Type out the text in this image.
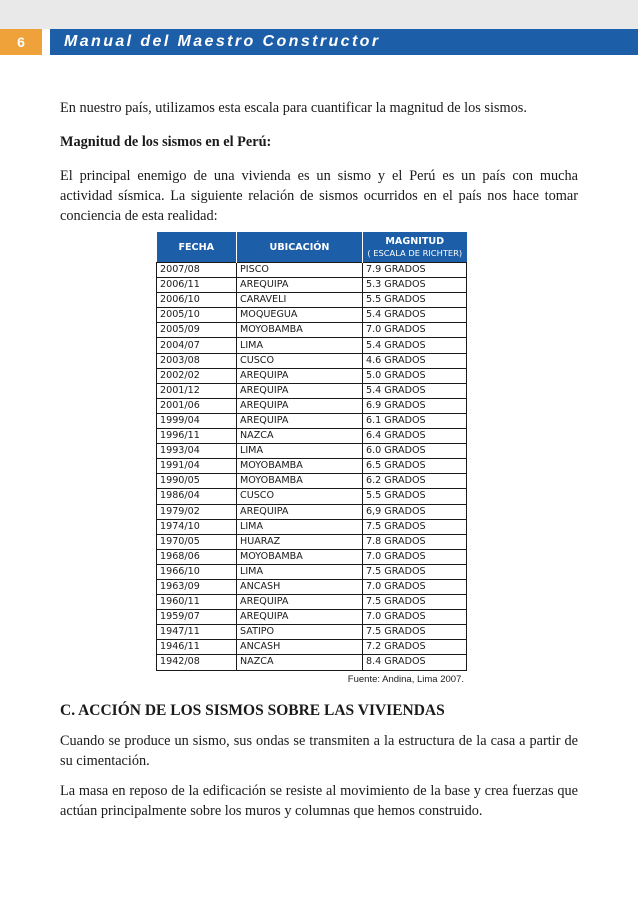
6	Manual del Maestro Constructor

En nuestro país, utilizamos esta escala para cuantificar la magnitud de los sismos.

Magnitud de los sismos en el Perú:

El principal enemigo de una vivienda es un sismo y el Perú es un país con mucha actividad sísmica. La siguiente relación de sismos ocurridos en el país nos hace tomar conciencia de esta realidad:

FECHA	UBICACIÓN	MAGNITUD
( ESCALA DE RICHTER)

2007/08	PISCO	7.9 GRADOS
2006/11	AREQUIPA	5.3 GRADOS
2006/10	CARAVELI	5.5 GRADOS
2005/10	MOQUEGUA	5.4 GRADOS
2005/09	MOYOBAMBA	7.0 GRADOS
2004/07	LIMA	5.4 GRADOS
2003/08	CUSCO	4.6 GRADOS
2002/02	AREQUIPA	5.0 GRADOS
2001/12	AREQUIPA	5.4 GRADOS
2001/06	AREQUIPA	6.9 GRADOS
1999/04	AREQUIPA	6.1 GRADOS
1996/11	NAZCA	6.4 GRADOS
1993/04	LIMA	6.0 GRADOS
1991/04	MOYOBAMBA	6.5 GRADOS
1990/05	MOYOBAMBA	6.2 GRADOS
1986/04	CUSCO	5.5 GRADOS
1979/02	AREQUIPA	6,9 GRADOS
1974/10	LIMA	7.5 GRADOS
1970/05	HUARAZ	7.8 GRADOS
1968/06	MOYOBAMBA	7.0 GRADOS
1966/10	LIMA	7.5 GRADOS
1963/09	ANCASH	7.0 GRADOS
1960/11	AREQUIPA	7.5 GRADOS
1959/07	AREQUIPA	7.0 GRADOS
1947/11	SATIPO	7.5 GRADOS
1946/11	ANCASH	7.2 GRADOS
1942/08	NAZCA	8.4 GRADOS
Fuente: Andina, Lima 2007.

C. ACCIÓN DE LOS SISMOS SOBRE LAS VIVIENDAS

Cuando se produce un sismo, sus ondas se transmiten a la estructura de la casa a partir de su cimentación.

La masa en reposo de la edificación se resiste al movimiento de la base y crea fuerzas que actúan principalmente sobre los muros y columnas que hemos construido.
